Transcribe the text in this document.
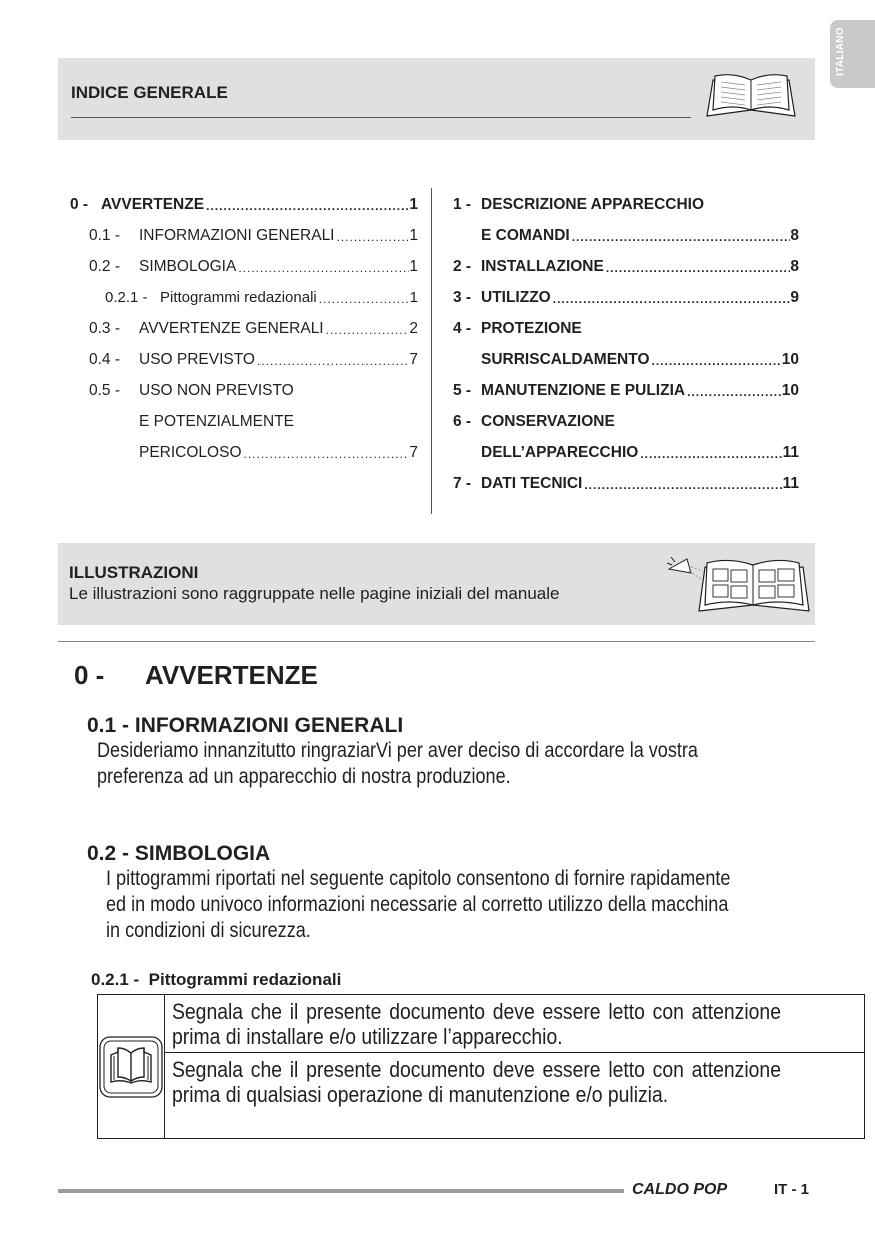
ITALIANO
INDICE GENERALE
0 - AVVERTENZE .....	1
0.1 -	INFORMAZIONI GENERALI .....	1
0.2 -	SIMBOLOGIA .....	1
0.2.1 - Pittogrammi redazionali .....	1
0.3 -	AVVERTENZE GENERALI .....	2
0.4 -	USO PREVISTO .....	7
0.5 -	USO NON PREVISTO
E POTENZIALMENTE
PERICOLOSO .....	7
1 - DESCRIZIONE APPARECCHIO
E COMANDI .....	8
2 - INSTALLAZIONE .....	8
3 - UTILIZZO .....	9
4 - PROTEZIONE
SURRISCALDAMENTO .....	10
5 - MANUTENZIONE E PULIZIA .....	10
6 - CONSERVAZIONE
DELL’APPARECCHIO .....	11
7 - DATI TECNICI .....	11
ILLUSTRAZIONI
Le illustrazioni sono raggruppate nelle pagine iniziali del manuale
0 - AVVERTENZE
0.1 - INFORMAZIONI GENERALI
Desideriamo innanzitutto ringraziarVi per aver deciso di accordare la vostra
preferenza ad un apparecchio di nostra produzione.
0.2 - SIMBOLOGIA
I pittogrammi riportati nel seguente capitolo consentono di fornire rapidamente
ed in modo univoco informazioni necessarie al corretto utilizzo della macchina
in condizioni di sicurezza.
0.2.1 -  Pittogrammi redazionali

Segnala che il presente documento deve essere letto con attenzione prima di installare e/o utilizzare l’apparecchio.

Segnala che il presente documento deve essere letto con attenzione prima di qualsiasi operazione di manutenzione e/o pulizia.
CALDO POP	IT - 1
